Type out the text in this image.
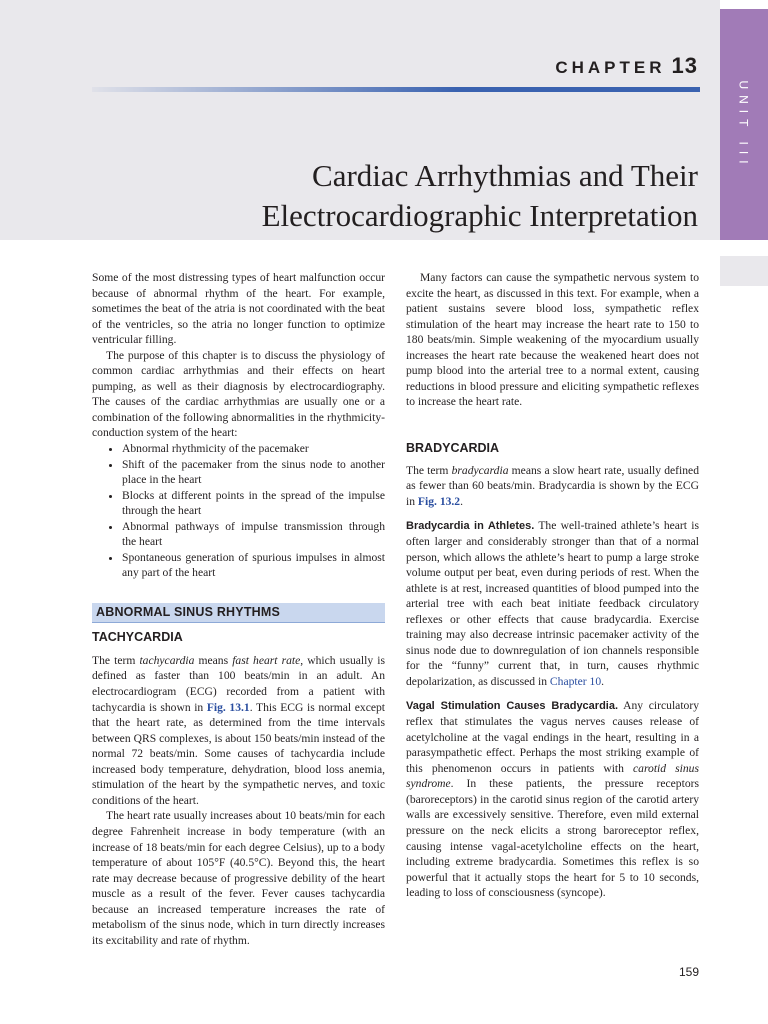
UNIT III
CHAPTER 13
Cardiac Arrhythmias and Their
Electrocardiographic Interpretation

Some of the most distressing types of heart malfunction occur because of abnormal rhythm of the heart. For example, sometimes the beat of the atria is not coordinated with the beat of the ventricles, so the atria no longer function to optimize ventricular filling.

The purpose of this chapter is to discuss the physiology of common cardiac arrhythmias and their effects on heart pumping, as well as their diagnosis by electrocardiography. The causes of the cardiac arrhythmias are usually one or a combination of the following abnormalities in the rhythmicity-conduction system of the heart:

• Abnormal rhythmicity of the pacemaker
• Shift of the pacemaker from the sinus node to another place in the heart
• Blocks at different points in the spread of the impulse through the heart
• Abnormal pathways of impulse transmission through the heart
• Spontaneous generation of spurious impulses in almost any part of the heart
ABNORMAL SINUS RHYTHMS
TACHYCARDIA

The term tachycardia means fast heart rate, which usually is defined as faster than 100 beats/min in an adult. An electrocardiogram (ECG) recorded from a patient with tachycardia is shown in Fig. 13.1. This ECG is normal except that the heart rate, as determined from the time intervals between QRS complexes, is about 150 beats/min instead of the normal 72 beats/min. Some causes of tachycardia include increased body temperature, dehydration, blood loss anemia, stimulation of the heart by the sympathetic nerves, and toxic conditions of the heart.

The heart rate usually increases about 10 beats/min for each degree Fahrenheit increase in body temperature (with an increase of 18 beats/min for each degree Celsius), up to a body temperature of about 105°F (40.5°C). Beyond this, the heart rate may decrease because of progressive debility of the heart muscle as a result of the fever. Fever causes tachycardia because an increased temperature increases the rate of metabolism of the sinus node, which in turn directly increases its excitability and rate of rhythm.

Many factors can cause the sympathetic nervous system to excite the heart, as discussed in this text. For example, when a patient sustains severe blood loss, sympathetic reflex stimulation of the heart may increase the heart rate to 150 to 180 beats/min. Simple weakening of the myocardium usually increases the heart rate because the weakened heart does not pump blood into the arterial tree to a normal extent, causing reductions in blood pressure and eliciting sympathetic reflexes to increase the heart rate.

BRADYCARDIA

The term bradycardia means a slow heart rate, usually defined as fewer than 60 beats/min. Bradycardia is shown by the ECG in Fig. 13.2.

Bradycardia in Athletes. The well-trained athlete’s heart is often larger and considerably stronger than that of a normal person, which allows the athlete’s heart to pump a large stroke volume output per beat, even during periods of rest. When the athlete is at rest, increased quantities of blood pumped into the arterial tree with each beat initiate feedback circulatory reflexes or other effects that cause bradycardia. Exercise training may also decrease intrinsic pacemaker activity of the sinus node due to downregulation of ion channels responsible for the “funny” current that, in turn, causes rhythmic depolarization, as discussed in Chapter 10.

Vagal Stimulation Causes Bradycardia. Any circulatory reflex that stimulates the vagus nerves causes release of acetylcholine at the vagal endings in the heart, resulting in a parasympathetic effect. Perhaps the most striking example of this phenomenon occurs in patients with carotid sinus syndrome. In these patients, the pressure receptors (baroreceptors) in the carotid sinus region of the carotid artery walls are excessively sensitive. Therefore, even mild external pressure on the neck elicits a strong baroreceptor reflex, causing intense vagal-acetylcholine effects on the heart, including extreme bradycardia. Sometimes this reflex is so powerful that it actually stops the heart for 5 to 10 seconds, leading to loss of consciousness (syncope).

159
